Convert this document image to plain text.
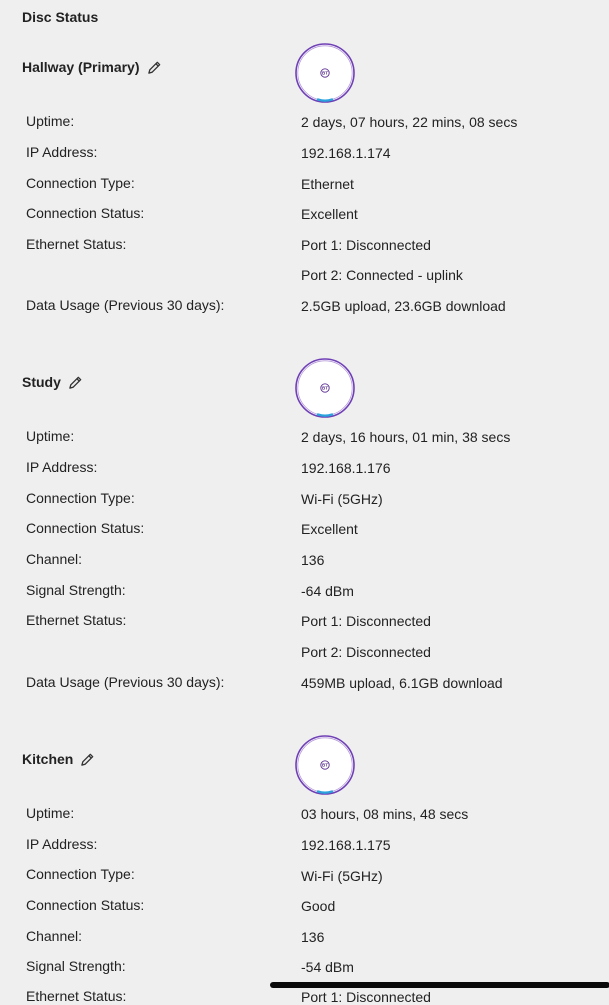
Disc Status
Hallway (Primary)	BT
Uptime:	2 days, 07 hours, 22 mins, 08 secs
IP Address:	192.168.1.174
Connection Type:	Ethernet
Connection Status:	Excellent
Ethernet Status:	Port 1: Disconnected
Port 2: Connected - uplink
Data Usage (Previous 30 days):	2.5GB upload, 23.6GB download
Study	BT
Uptime:	2 days, 16 hours, 01 min, 38 secs
IP Address:	192.168.1.176
Connection Type:	Wi-Fi (5GHz)
Connection Status:	Excellent
Channel:	136
Signal Strength:	-64 dBm
Ethernet Status:	Port 1: Disconnected
Port 2: Disconnected
Data Usage (Previous 30 days):	459MB upload, 6.1GB download
Kitchen	BT
Uptime:	03 hours, 08 mins, 48 secs
IP Address:	192.168.1.175
Connection Type:	Wi-Fi (5GHz)
Connection Status:	Good
Channel:	136
Signal Strength:	-54 dBm
Ethernet Status:	Port 1: Disconnected
